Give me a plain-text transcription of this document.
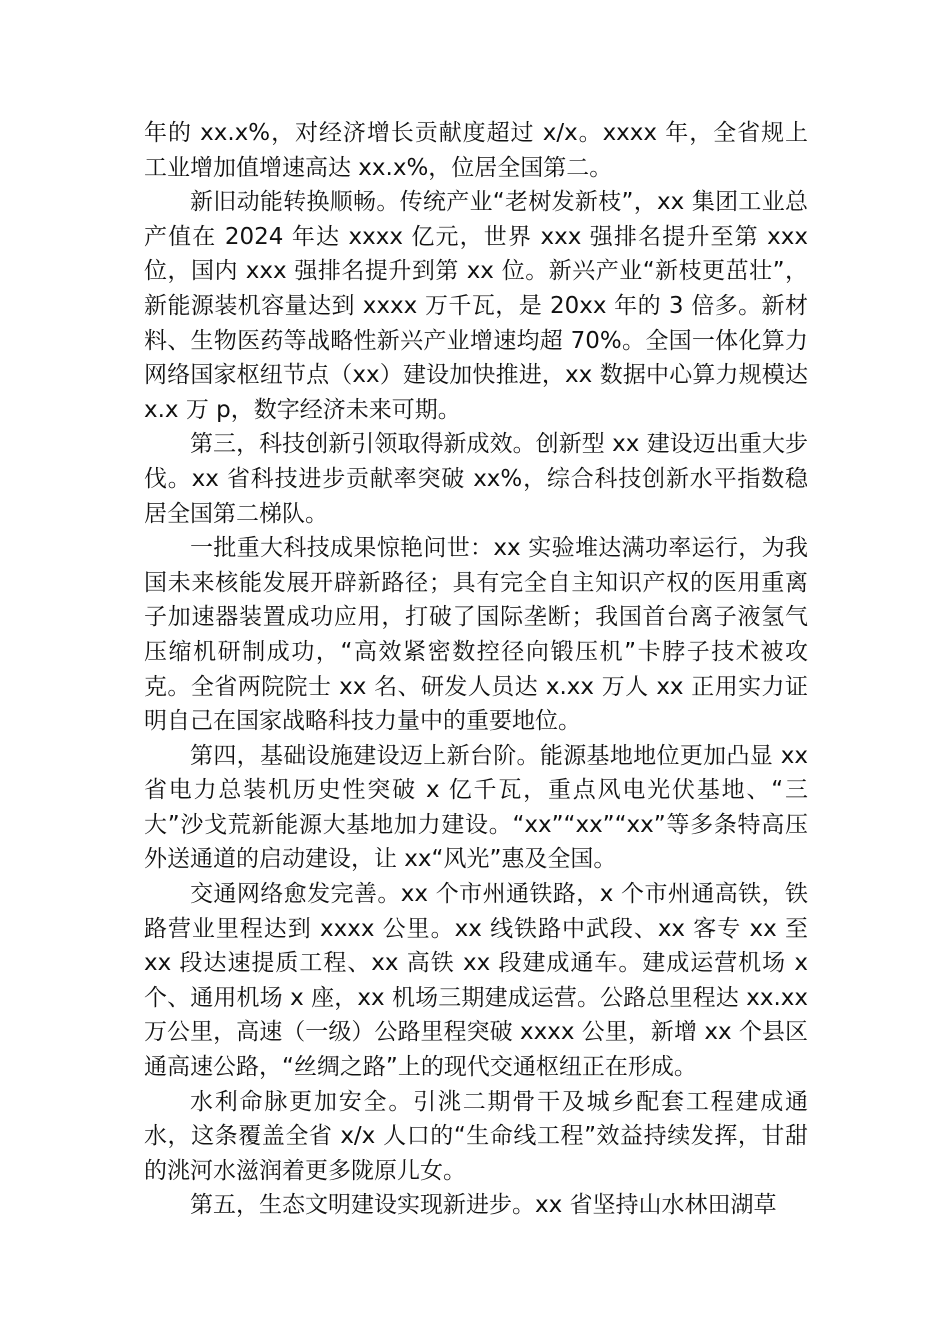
年的 xx.x%，对经济增长贡献度超过 x/x。xxxx 年，全省规上工业增加值增速高达 xx.x%，位居全国第二。

新旧动能转换顺畅。传统产业“老树发新枝”，xx 集团工业总产值在 2024 年达 xxxx 亿元，世界 xxx 强排名提升至第 xxx 位，国内 xxx 强排名提升到第 xx 位。新兴产业“新枝更茁壮”，新能源装机容量达到 xxxx 万千瓦，是 20xx 年的 3 倍多。新材料、生物医药等战略性新兴产业增速均超 70%。全国一体化算力网络国家枢纽节点（xx）建设加快推进，xx 数据中心算力规模达 x.x 万 p，数字经济未来可期。

第三，科技创新引领取得新成效。创新型 xx 建设迈出重大步伐。xx 省科技进步贡献率突破 xx%，综合科技创新水平指数稳居全国第二梯队。

一批重大科技成果惊艳问世：xx 实验堆达满功率运行，为我国未来核能发展开辟新路径；具有完全自主知识产权的医用重离子加速器装置成功应用，打破了国际垄断；我国首台离子液氢气压缩机研制成功，“高效紧密数控径向锻压机”卡脖子技术被攻克。全省两院院士 xx 名、研发人员达 x.xx 万人 xx 正用实力证明自己在国家战略科技力量中的重要地位。

第四，基础设施建设迈上新台阶。能源基地地位更加凸显 xx 省电力总装机历史性突破 x 亿千瓦，重点风电光伏基地、“三大”沙戈荒新能源大基地加力建设。“xx”“xx”“xx”等多条特高压外送通道的启动建设，让 xx“风光”惠及全国。

交通网络愈发完善。xx 个市州通铁路，x 个市州通高铁，铁路营业里程达到 xxxx 公里。xx 线铁路中武段、xx 客专 xx 至 xx 段达速提质工程、xx 高铁 xx 段建成通车。建成运营机场 x 个、通用机场 x 座，xx 机场三期建成运营。公路总里程达 xx.xx 万公里，高速（一级）公路里程突破 xxxx 公里，新增 xx 个县区通高速公路，“丝绸之路”上的现代交通枢纽正在形成。

水利命脉更加安全。引洮二期骨干及城乡配套工程建成通水，这条覆盖全省 x/x 人口的“生命线工程”效益持续发挥，甘甜的洮河水滋润着更多陇原儿女。

第五，生态文明建设实现新进步。xx 省坚持山水林田湖草
